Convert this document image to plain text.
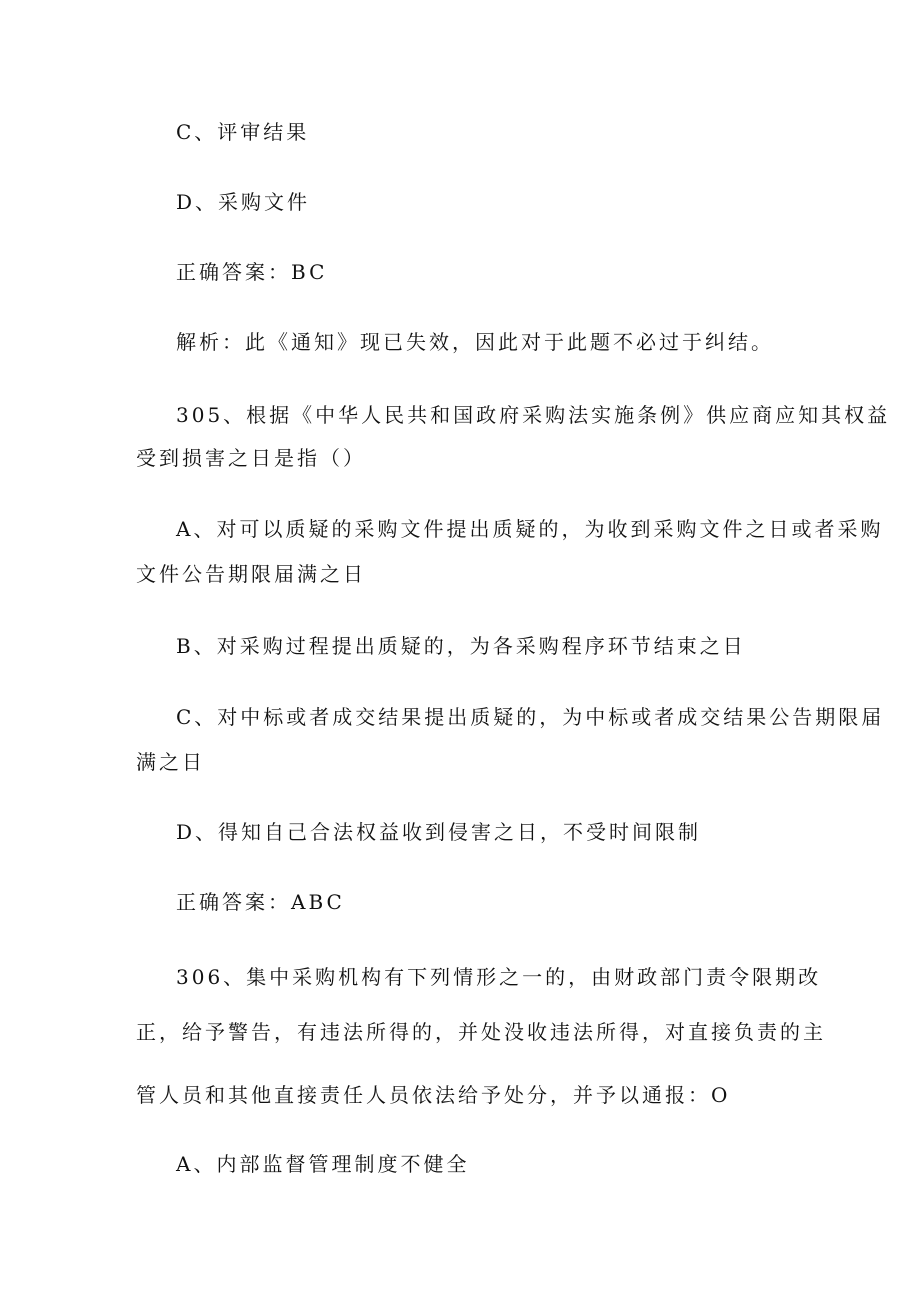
C、评审结果
D、采购文件
正确答案：BC
解析：此《通知》现已失效，因此对于此题不必过于纠结。
305、根据《中华人民共和国政府采购法实施条例》供应商应知其权益
受到损害之日是指（）
A、对可以质疑的采购文件提出质疑的，为收到采购文件之日或者采购
文件公告期限届满之日
B、对采购过程提出质疑的，为各采购程序环节结束之日
C、对中标或者成交结果提出质疑的，为中标或者成交结果公告期限届
满之日
D、得知自己合法权益收到侵害之日，不受时间限制
正确答案：ABC
306、集中采购机构有下列情形之一的，由财政部门责令限期改
正，给予警告，有违法所得的，并处没收违法所得，对直接负责的主
管人员和其他直接责任人员依法给予处分，并予以通报：O
A、内部监督管理制度不健全
